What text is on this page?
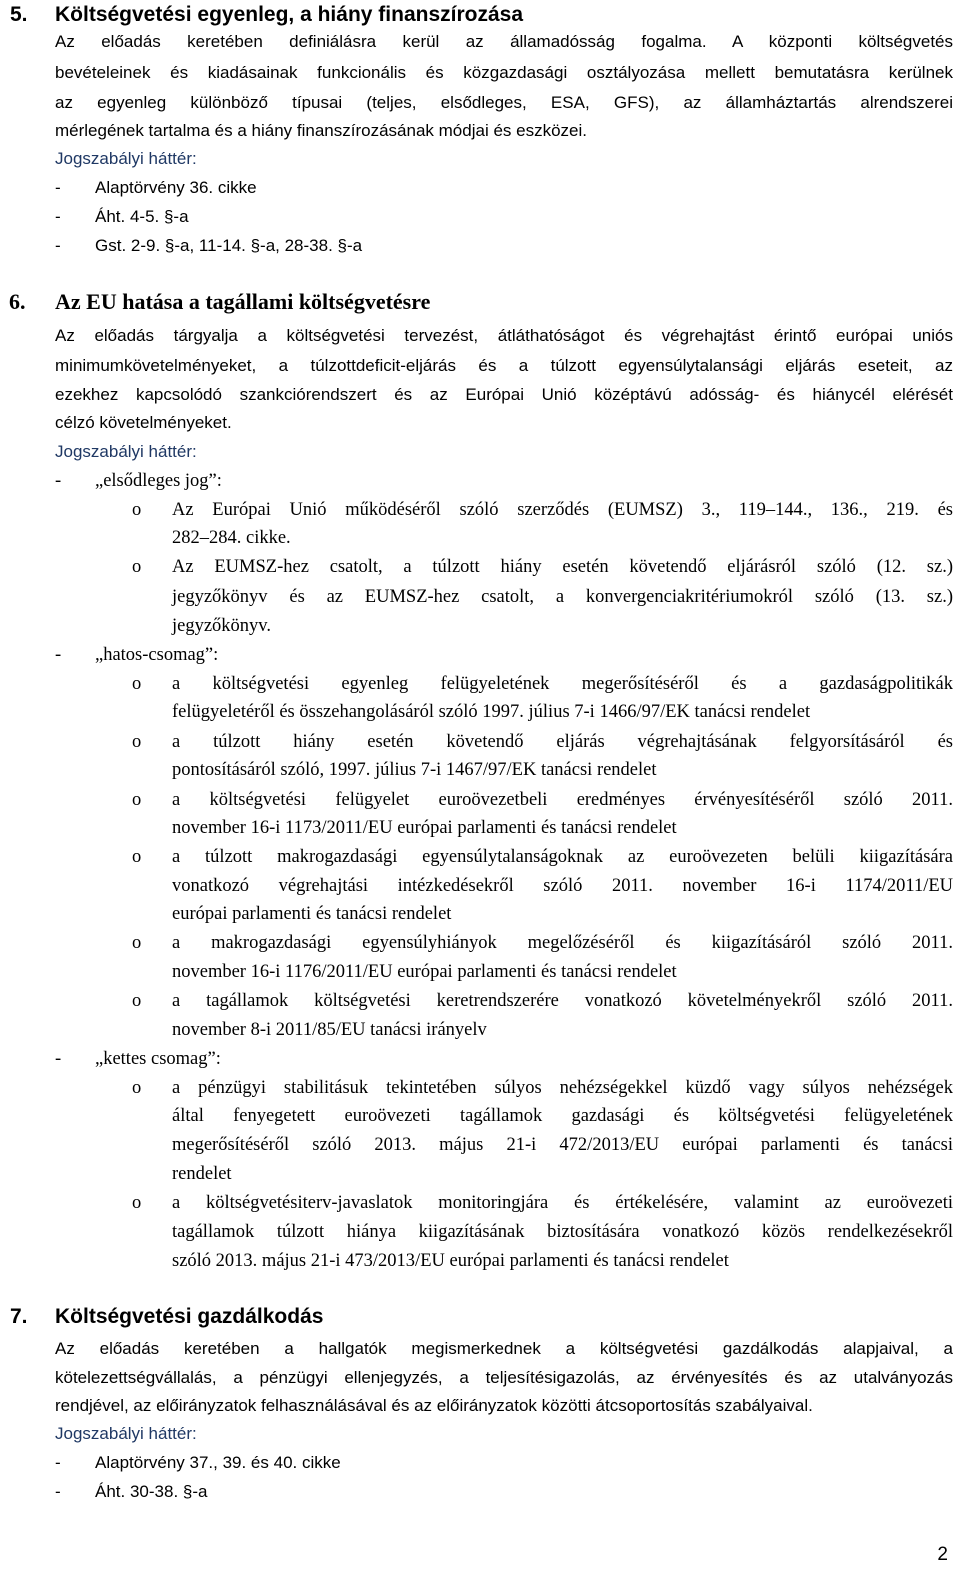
5. Költségvetési egyenleg, a hiány finanszírozása
Az előadás keretében definiálásra kerül az államadósság fogalma. A központi költségvetés
bevételeinek és kiadásainak funkcionális és közgazdasági osztályozása mellett bemutatásra kerülnek
az egyenleg különböző típusai (teljes, elsődleges, ESA, GFS), az államháztartás alrendszerei
mérlegének tartalma és a hiány finanszírozásának módjai és eszközei.
Jogszabályi háttér:
- Alaptörvény 36. cikke
- Áht. 4-5. §-a
- Gst. 2-9. §-a, 11-14. §-a, 28-38. §-a
6. Az EU hatása a tagállami költségvetésre
Az előadás tárgyalja a költségvetési tervezést, átláthatóságot és végrehajtást érintő európai uniós
minimumkövetelményeket, a túlzottdeficit-eljárás és a túlzott egyensúlytalansági eljárás eseteit, az
ezekhez kapcsolódó szankciórendszert és az Európai Unió középtávú adósság- és hiánycél elérését
célzó követelményeket.
Jogszabályi háttér:
- „elsődleges jog”:
o Az Európai Unió működéséről szóló szerződés (EUMSZ) 3., 119–144., 136., 219. és
282–284. cikke.
o Az EUMSZ-hez csatolt, a túlzott hiány esetén követendő eljárásról szóló (12. sz.)
jegyzőkönyv és az EUMSZ-hez csatolt, a konvergenciakritériumokról szóló (13. sz.)
jegyzőkönyv.
- „hatos-csomag”:
o a költségvetési egyenleg felügyeletének megerősítéséről és a gazdaságpolitikák
felügyeletéről és összehangolásáról szóló 1997. július 7-i 1466/97/EK tanácsi rendelet
o a túlzott hiány esetén követendő eljárás végrehajtásának felgyorsításáról és
pontosításáról szóló, 1997. július 7-i 1467/97/EK tanácsi rendelet
o a költségvetési felügyelet euroövezetbeli eredményes érvényesítéséről szóló 2011.
november 16-i 1173/2011/EU európai parlamenti és tanácsi rendelet
o a túlzott makrogazdasági egyensúlytalanságoknak az euroövezeten belüli kiigazítására
vonatkozó végrehajtási intézkedésekről szóló 2011. november 16-i 1174/2011/EU
európai parlamenti és tanácsi rendelet
o a makrogazdasági egyensúlyhiányok megelőzéséről és kiigazításáról szóló 2011.
november 16-i 1176/2011/EU európai parlamenti és tanácsi rendelet
o a tagállamok költségvetési keretrendszerére vonatkozó követelményekről szóló 2011.
november 8-i 2011/85/EU tanácsi irányelv
- „kettes csomag”:
o a pénzügyi stabilitásuk tekintetében súlyos nehézségekkel küzdő vagy súlyos nehézségek
által fenyegetett euroövezeti tagállamok gazdasági és költségvetési felügyeletének
megerősítéséről szóló 2013. május 21-i 472/2013/EU európai parlamenti és tanácsi
rendelet
o a költségvetésiterv-javaslatok monitoringjára és értékelésére, valamint az euroövezeti
tagállamok túlzott hiánya kiigazításának biztosítására vonatkozó közös rendelkezésekről
szóló 2013. május 21-i 473/2013/EU európai parlamenti és tanácsi rendelet
7. Költségvetési gazdálkodás
Az előadás keretében a hallgatók megismerkednek a költségvetési gazdálkodás alapjaival, a
kötelezettségvállalás, a pénzügyi ellenjegyzés, a teljesítésigazolás, az érvényesítés és az utalványozás
rendjével, az előirányzatok felhasználásával és az előirányzatok közötti átcsoportosítás szabályaival.
Jogszabályi háttér:
- Alaptörvény 37., 39. és 40. cikke
- Áht. 30-38. §-a
2
